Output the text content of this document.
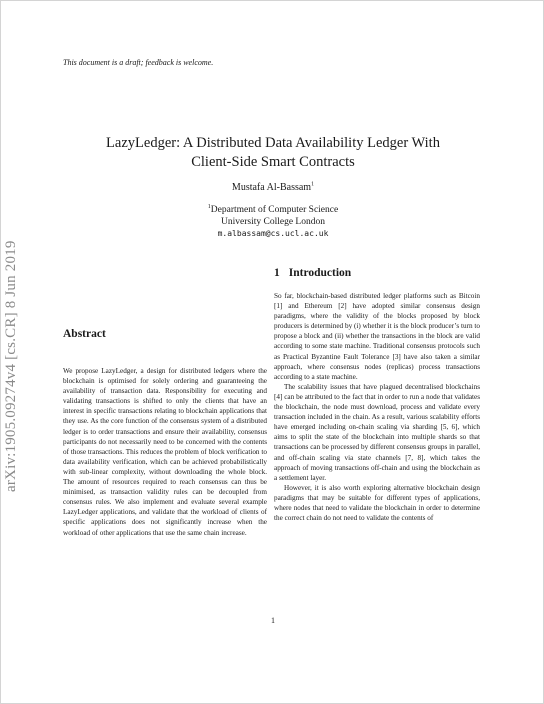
This document is a draft; feedback is welcome.
arXiv:1905.09274v4 [cs.CR] 8 Jun 2019
LazyLedger: A Distributed Data Availability Ledger With
Client-Side Smart Contracts
Mustafa Al-Bassam$^1$
$^1$Department of Computer Science
University College London
m.albassam@cs.ucl.ac.uk
Abstract
We propose LazyLedger, a design for distributed ledgers where the blockchain is optimised for solely ordering and guaranteeing the availability of transaction data. Responsibility for executing and validating transactions is shifted to only the clients that have an interest in specific transactions relating to blockchain applications that they use. As the core function of the consensus system of a distributed ledger is to order transactions and ensure their availability, consensus participants do not necessarily need to be concerned with the contents of those transactions. This reduces the problem of block verification to data availability verification, which can be achieved probabilistically with sub-linear complexity, without downloading the whole block. The amount of resources required to reach consensus can thus be minimised, as transaction validity rules can be decoupled from consensus rules. We also implement and evaluate several example LazyLedger applications, and validate that the workload of clients of specific applications does not significantly increase when the workload of other applications that use the same chain increase.
1 Introduction

So far, blockchain-based distributed ledger platforms such as Bitcoin [1] and Ethereum [2] have adopted similar consensus design paradigms, where the validity of the blocks proposed by block producers is determined by (i) whether it is the block producer’s turn to propose a block and (ii) whether the transactions in the block are valid according to some state machine. Traditional consensus protocols such as Practical Byzantine Fault Tolerance [3] have also taken a similar approach, where consensus nodes (replicas) process transactions according to a state machine.

The scalability issues that have plagued decentralised blockchains [4] can be attributed to the fact that in order to run a node that validates the blockchain, the node must download, process and validate every transaction included in the chain. As a result, various scalability efforts have emerged including on-chain scaling via sharding [5, 6], which aims to split the state of the blockchain into multiple shards so that transactions can be processed by different consensus groups in parallel, and off-chain scaling via state channels [7, 8], which takes the approach of moving transactions off-chain and using the blockchain as a settlement layer.

However, it is also worth exploring alternative blockchain design paradigms that may be suitable for different types of applications, where nodes that need to validate the blockchain in order to determine the correct chain do not need to validate the contents of

1
